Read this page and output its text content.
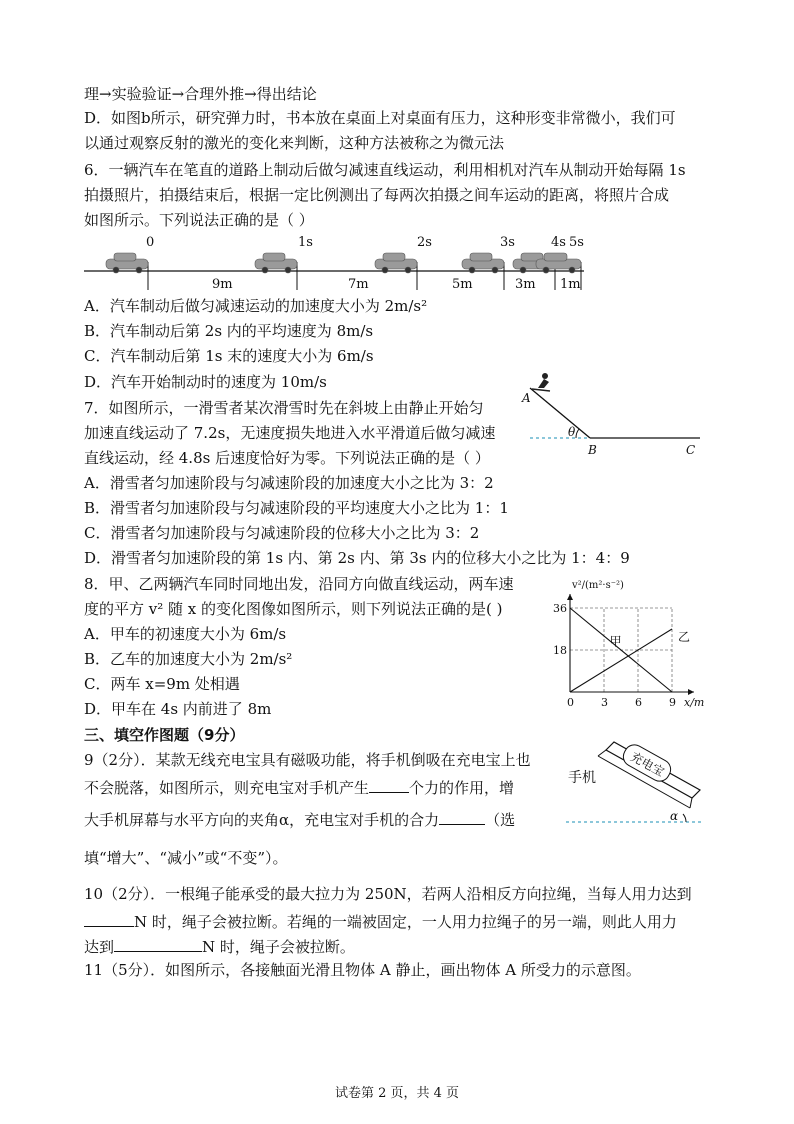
理→实验验证→合理外推→得出结论
D．如图b所示，研究弹力时，书本放在桌面上对桌面有压力，这种形变非常微小，我们可
以通过观察反射的激光的变化来判断，这种方法被称之为微元法
6．一辆汽车在笔直的道路上制动后做匀减速直线运动，利用相机对汽车从制动开始每隔 1s
拍摄照片，拍摄结束后，根据一定比例测出了每两次拍摄之间车运动的距离，将照片合成
如图所示。下列说法正确的是（ ）
0	1s	2s	3s	4s 5s
9m	7m	5m	3m 1m
A．汽车制动后做匀减速运动的加速度大小为 2m/s²
B．汽车制动后第 2s 内的平均速度为 8m/s
C．汽车制动后第 1s 末的速度大小为 6m/s
D．汽车开始制动时的速度为 10m/s
7．如图所示，一滑雪者某次滑雪时先在斜坡上由静止开始匀
加速直线运动了 7.2s，无速度损失地进入水平滑道后做匀减速
直线运动，经 4.8s 后速度恰好为零。下列说法正确的是（ ）
A．滑雪者匀加速阶段与匀减速阶段的加速度大小之比为 3：2
B．滑雪者匀加速阶段与匀减速阶段的平均速度大小之比为 1：1
C．滑雪者匀加速阶段与匀减速阶段的位移大小之比为 3：2
D．滑雪者匀加速阶段的第 1s 内、第 2s 内、第 3s 内的位移大小之比为 1：4：9
A
θ
B	C
8．甲、乙两辆汽车同时同地出发，沿同方向做直线运动，两车速
度的平方 v² 随 x 的变化图像如图所示，则下列说法正确的是( )
A．甲车的初速度大小为 6m/s
B．乙车的加速度大小为 2m/s²
C．两车 x=9m 处相遇
D．甲车在 4s 内前进了 8m
甲	乙
0 3 6 9
18
36
v²/(m²·s⁻²)
x/m
三、填空作图题（9分）
9（2分）．某款无线充电宝具有磁吸功能，将手机倒吸在充电宝上也
不会脱落，如图所示，则充电宝对手机产生	个力的作用，增
大手机屏幕与水平方向的夹角α，充电宝对手机的合力	（选
填“增大”、“减小”或“不变”）。
充电宝
α
手机
10（2分）．一根绳子能承受的最大拉力为 250N，若两人沿相反方向拉绳，当每人用力达到
N 时，绳子会被拉断。若绳的一端被固定，一人用力拉绳子的另一端，则此人用力
达到	N 时，绳子会被拉断。
11（5分）．如图所示，各接触面光滑且物体 A 静止，画出物体 A 所受力的示意图。
试卷第 2 页，共 4 页
